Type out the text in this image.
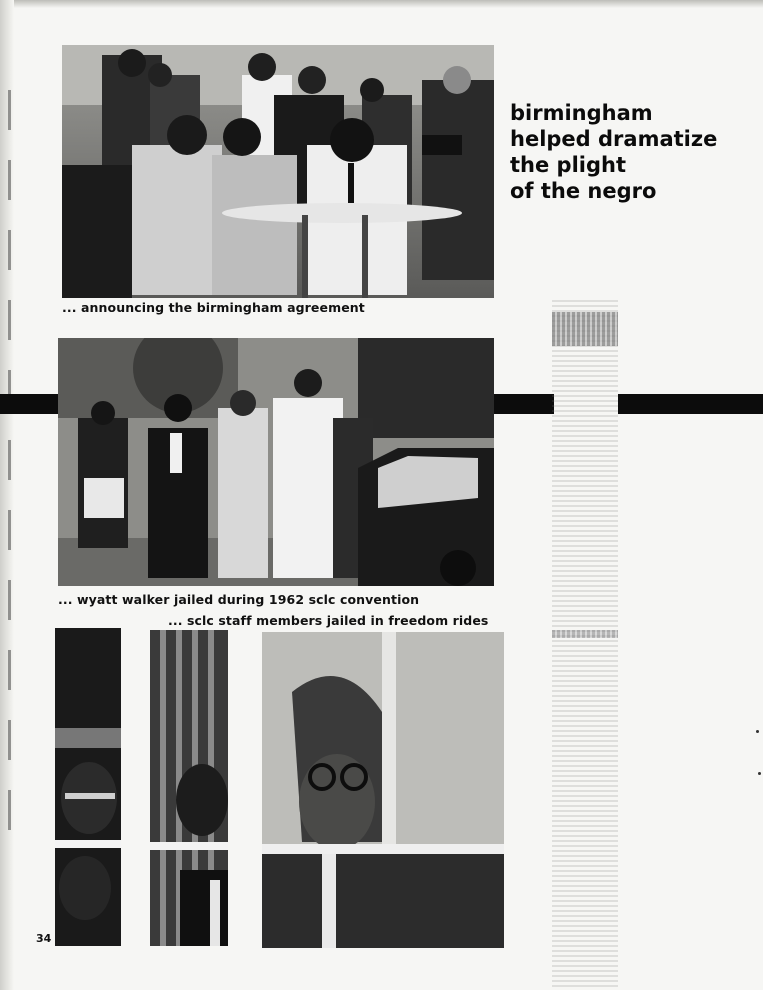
... announcing the birmingham agreement
... wyatt walker jailed during 1962 sclc convention
... sclc staff members jailed in freedom rides
birmingham
helped dramatize
the plight
of the negro
34
